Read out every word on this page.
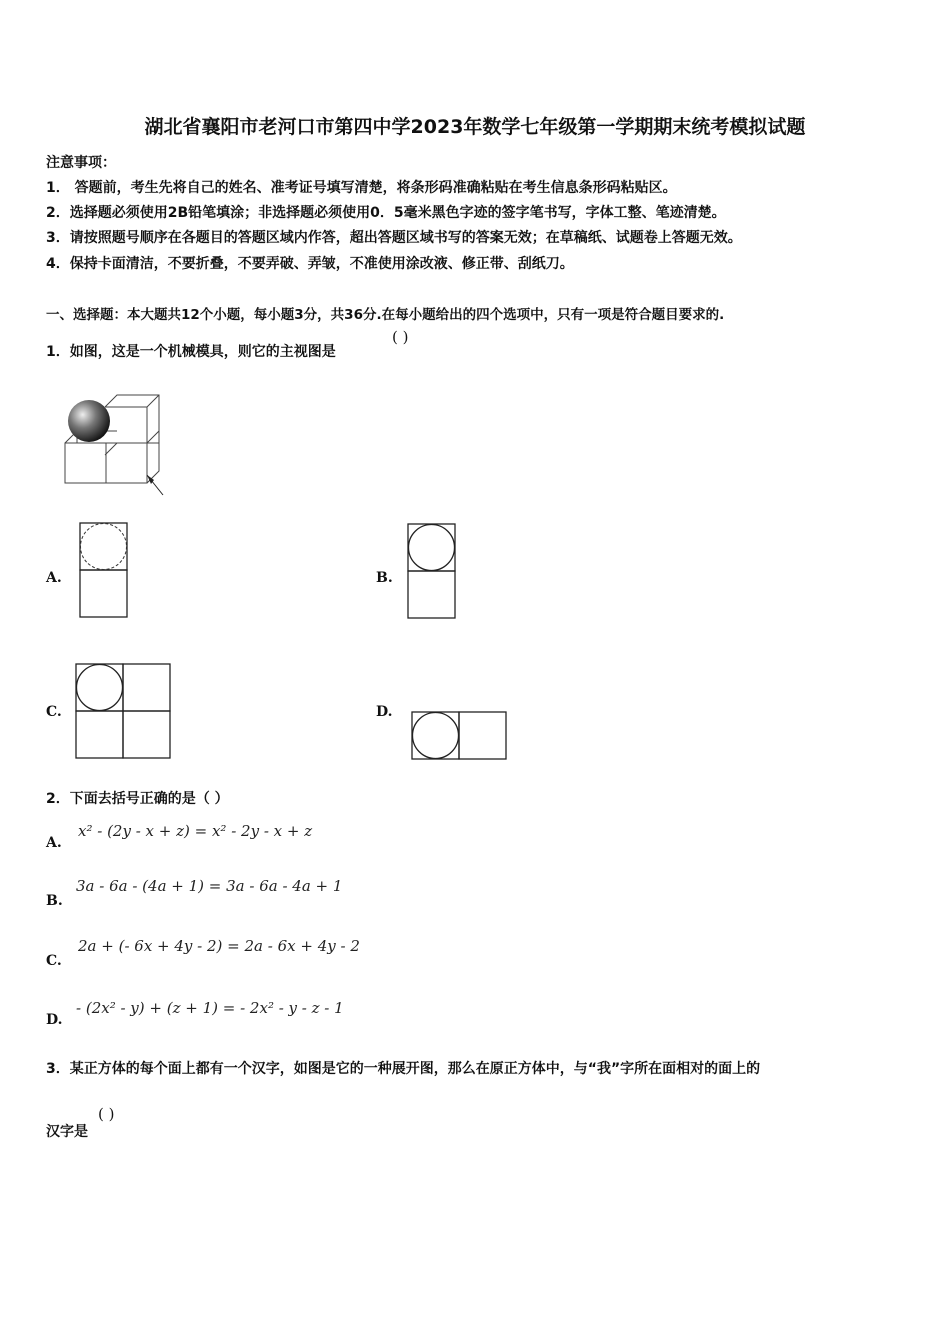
湖北省襄阳市老河口市第四中学2023年数学七年级第一学期期末统考模拟试题
注意事项：
1． 答题前，考生先将自己的姓名、准考证号填写清楚，将条形码准确粘贴在考生信息条形码粘贴区。
2．选择题必须使用2B铅笔填涂；非选择题必须使用0．5毫米黑色字迹的签字笔书写，字体工整、笔迹清楚。
3．请按照题号顺序在各题目的答题区域内作答，超出答题区域书写的答案无效；在草稿纸、试题卷上答题无效。
4．保持卡面清洁，不要折叠，不要弄破、弄皱，不准使用涂改液、修正带、刮纸刀。
一、选择题：本大题共12个小题，每小题3分，共36分.在每小题给出的四个选项中，只有一项是符合题目要求的.
1．如图，这是一个机械模具，则它的主视图是
( )
A.	B.
C.	D.
2．下面去括号正确的是（ ）
A.
x² - (2y - x + z) = x² - 2y - x + z
B.
3a - 6a - (4a + 1) = 3a - 6a - 4a + 1
C.
2a + (- 6x + 4y - 2) = 2a - 6x + 4y - 2
D.
- (2x² - y) + (z + 1) = - 2x² - y - z - 1
3．某正方体的每个面上都有一个汉字，如图是它的一种展开图，那么在原正方体中，与“我”字所在面相对的面上的
汉字是
( )
